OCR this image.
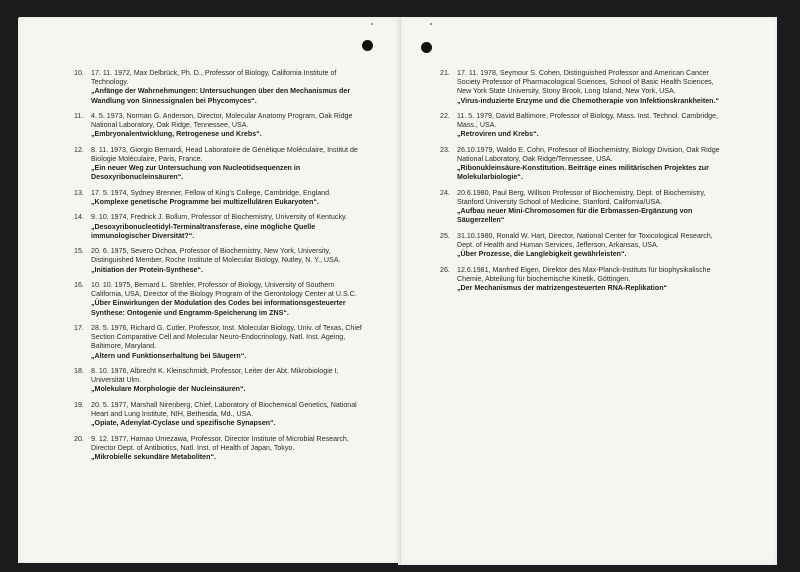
10.	17. 11. 1972, Max Delbrück, Ph. D., Professor of Biology, California Institute of Technology.
„Anfänge der Wahrnehmungen: Untersuchungen über den Mechanismus der Wandlung von Sinnessignalen bei Phycomyces“.
11.	4. 5. 1973, Norman G. Anderson, Director, Molecular Anatomy Program, Oak Ridge National Laboratory, Oak Ridge, Tennessee, USA.
„Embryonalentwicklung, Retrogenese und Krebs“.
12.	8. 11. 1973, Giorgio Bernardi, Head Laboratoire de Génétique Moléculaire, Institut de Biologie Moléculaire, Paris, France.
„Ein neuer Weg zur Untersuchung von Nucleotidsequenzen in Desoxyribonucleinsäuren“.
13.	17. 5. 1974, Sydney Brenner, Fellow of King’s College, Cambridge, England.
„Komplexe genetische Programme bei multizellulären Eukaryoten“.
14.	9. 10. 1974, Fredrick J. Bollum, Professor of Biochemistry, University of Kentucky.
„Desoxyribonucleotidyl-Terminaltransferase, eine mögliche Quelle immunologischer Diversität?“.
15.	20. 6. 1975, Severo Ochoa, Professor of Biochemistry, New York, University, Distinguished Member, Roche Institute of Molecular Biology, Nutley, N. Y., USA.
„Initiation der Protein-Synthese“.
16.	10. 10. 1975, Bernard L. Strehler, Professor of Biology, University of Southern California, USA, Director of the Biology Program of the Gerontology Center at U.S.C.
„Über Einwirkungen der Modulation des Codes bei informationsgesteuerter Synthese: Ontogenie und Engramm-Speicherung im ZNS“.
17.	28. 5. 1976, Richard G. Cutler, Professor, Inst. Molecular Biology, Univ. of Texas, Chief Section Comparative Cell and Molecular Neuro-Endocrinology, Natl. Inst. Ageing, Baltimore, Maryland.
„Altern und Funktionserhaltung bei Säugern“.
18.	8. 10. 1976, Albrecht K. Kleinschmidt, Professor, Leiter der Abt. Mikrobiologie I, Universität Ulm.
„Molekulare Morphologie der Nucleinsäuren“.
19.	20. 5. 1977, Marshall Nirenberg, Chief, Laboratory of Biochemical Genetics, National Heart and Lung Institute, NIH, Bethesda, Md., USA.
„Opiate, Adenylat-Cyclase und spezifische Synapsen“.
20.	9. 12. 1977, Hamao Umezawa, Professor, Director Institute of Microbial Research, Director Dept. of Antibiotics, Natl. Inst. of Health of Japan, Tokyo.
„Mikrobielle sekundäre Metaboliten“.
21.	17. 11. 1978, Seymour S. Cohen, Distinguished Professor and American Cancer Society Professor of Pharmacological Sciences, School of Basic Health Sciences, New York State University, Stony Brook, Long Island, New York, USA.
„Virus-induzierte Enzyme und die Chemotherapie von Infektionskrankheiten.“
22.	11. 5. 1979, David Baltimore, Professor of Biology, Mass. Inst. Technol. Cambridge, Mass., USA.
„Retroviren und Krebs“.
23.	26.10.1979, Waldo E. Cohn, Professor of Biochemistry, Biology Division, Oak Ridge National Laboratory, Oak Ridge/Tennessee, USA.
„Ribonukleinsäure-Konstitution. Beiträge eines militärischen Projektes zur Molekularbiologie“.
24.	20.6.1980, Paul Berg, Willson Professor of Biochemistry, Dept. of Biochemistry, Stanford University School of Medicine, Stanford, California/USA.
„Aufbau neuer Mini-Chromosomen für die Erbmassen-Ergänzung von Säugerzellen“
25.	31.10.1980, Ronald W. Hart, Director, National Center for Toxicological Research, Dept. of Health and Human Services, Jefferson, Arkansas, USA.
„Über Prozesse, die Langlebigkeit gewährleisten“.
26.	12.6.1981, Manfred Eigen, Direktor des Max-Planck-Instituts für biophysikalische Chemie, Abteilung für biochemische Kinetik, Göttingen.
„Der Mechanismus der matrizengesteuerten RNA-Replikation“
